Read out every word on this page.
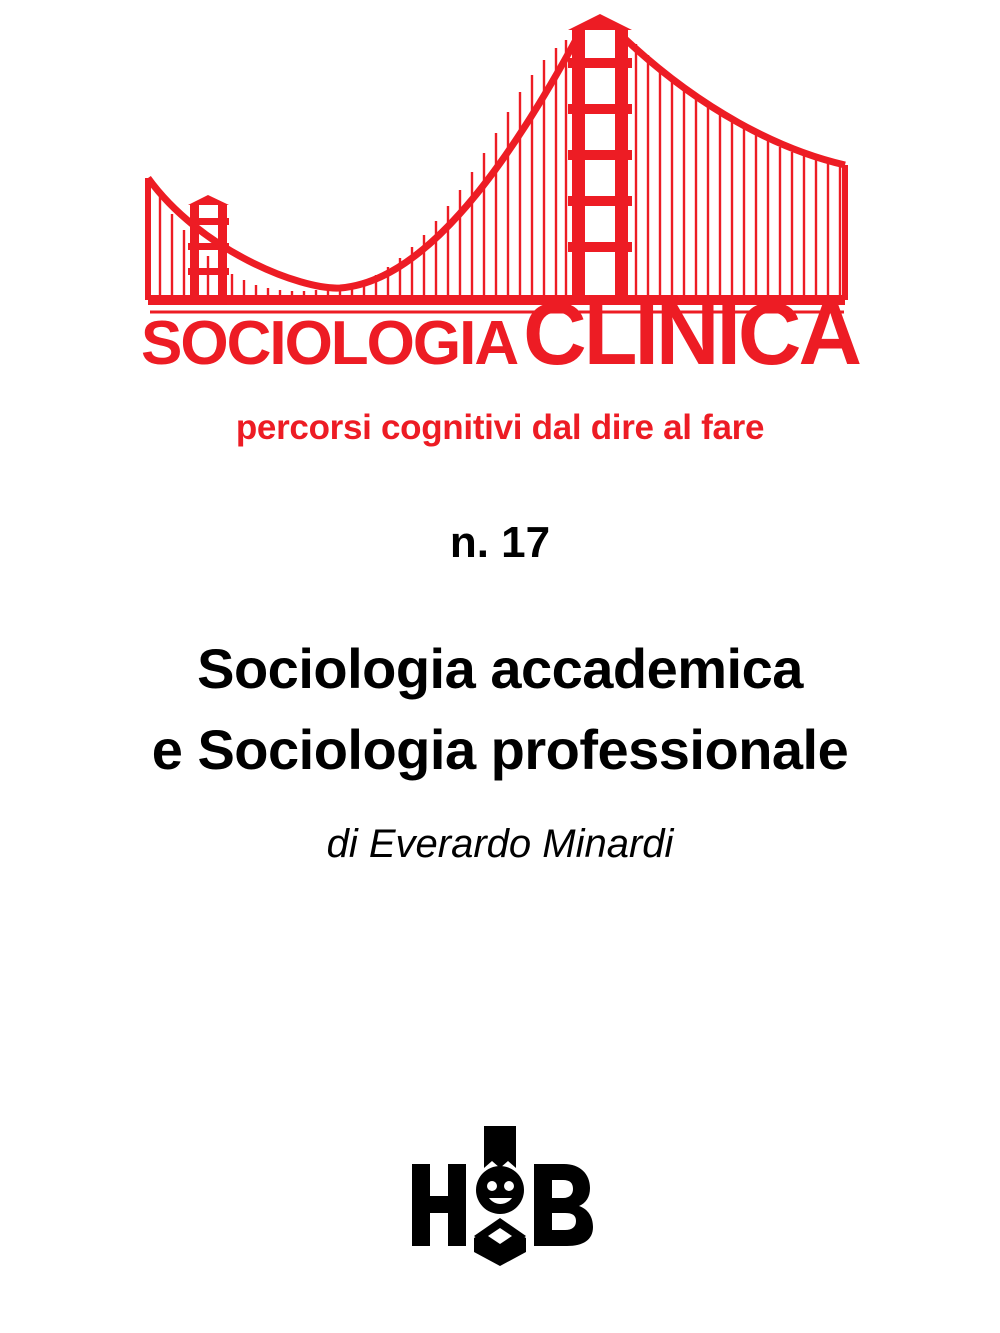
SOCIOLOGIACLINICA
percorsi cognitivi dal dire al fare
n. 17
Sociologia accademica
e Sociologia professionale
di Everardo Minardi
